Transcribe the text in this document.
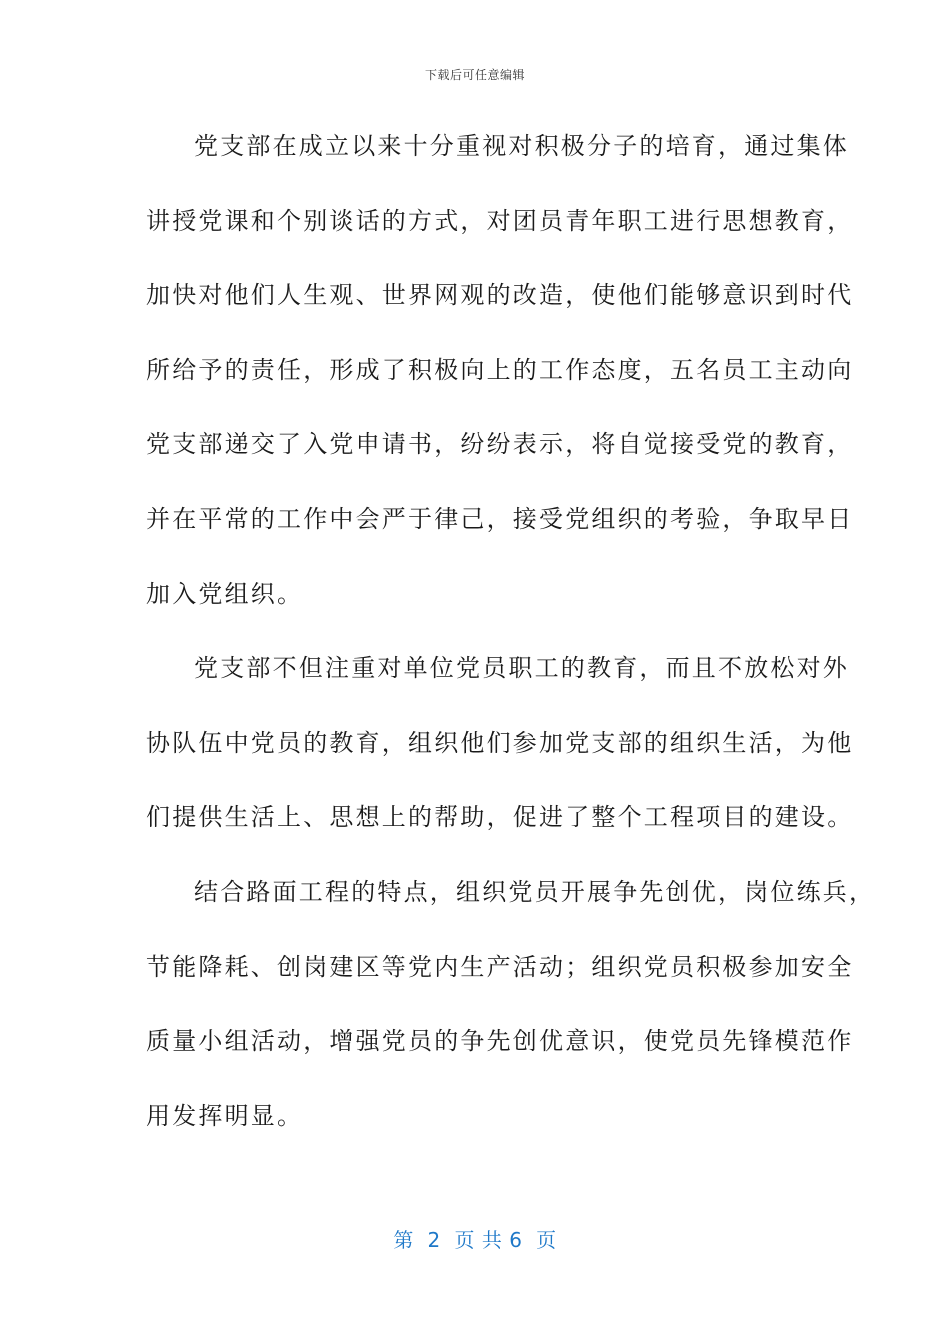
下载后可任意编辑
党支部在成立以来十分重视对积极分子的培育，通过集体
讲授党课和个别谈话的方式，对团员青年职工进行思想教育，
加快对他们人生观、世界网观的改造，使他们能够意识到时代
所给予的责任，形成了积极向上的工作态度，五名员工主动向
党支部递交了入党申请书，纷纷表示，将自觉接受党的教育，
并在平常的工作中会严于律己，接受党组织的考验，争取早日
加入党组织。
党支部不但注重对单位党员职工的教育，而且不放松对外
协队伍中党员的教育，组织他们参加党支部的组织生活，为他
们提供生活上、思想上的帮助，促进了整个工程项目的建设。
结合路面工程的特点，组织党员开展争先创优，岗位练兵，
节能降耗、创岗建区等党内生产活动；组织党员积极参加安全
质量小组活动，增强党员的争先创优意识，使党员先锋模范作
用发挥明显。
第  2  页 共 6  页
